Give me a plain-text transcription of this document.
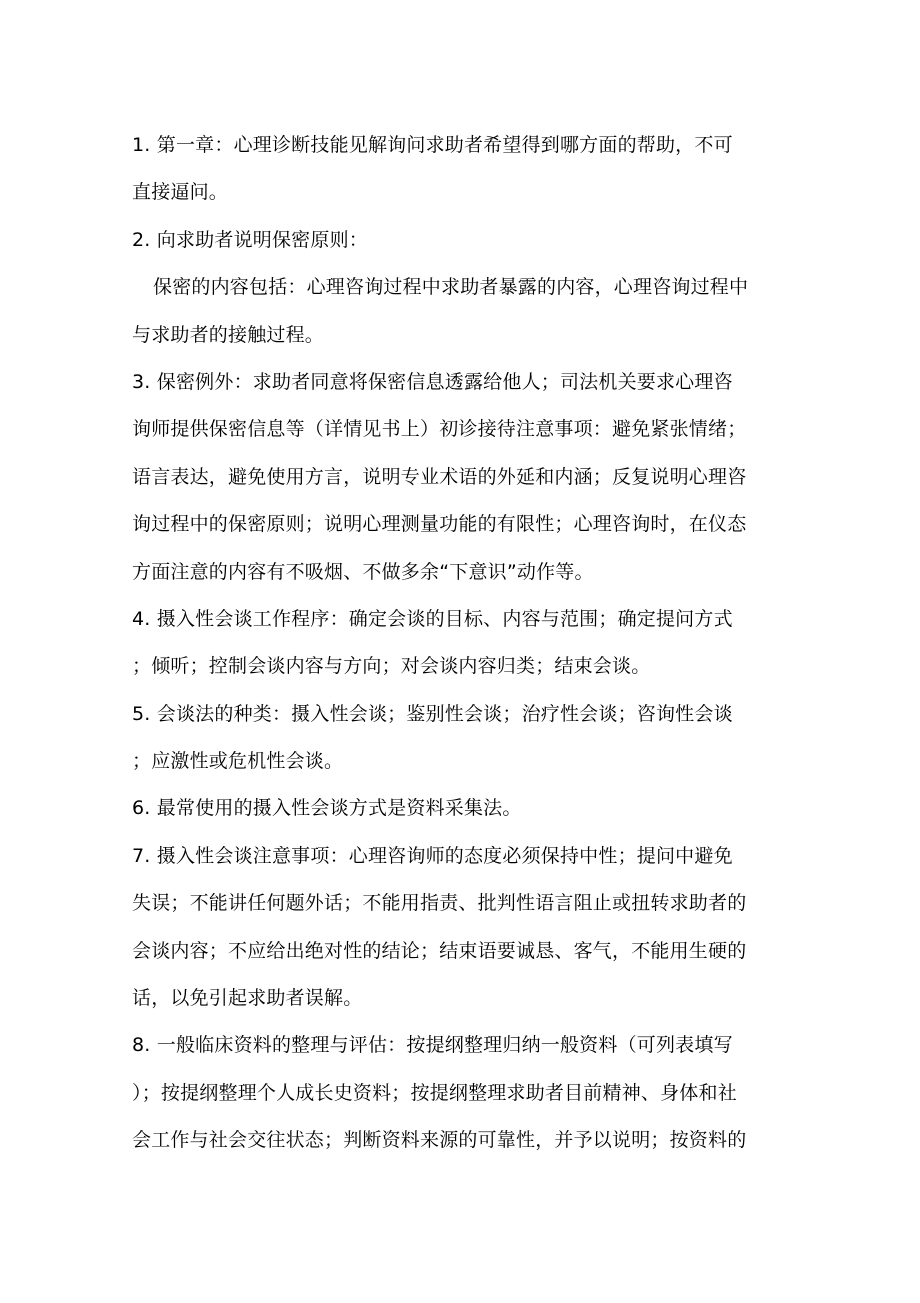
1. 第一章：心理诊断技能见解询问求助者希望得到哪方面的帮助，不可
直接逼问。
2. 向求助者说明保密原则：
保密的内容包括：心理咨询过程中求助者暴露的内容，心理咨询过程中
与求助者的接触过程。
3. 保密例外：求助者同意将保密信息透露给他人；司法机关要求心理咨
询师提供保密信息等（详情见书上）初诊接待注意事项：避免紧张情绪；
语言表达，避免使用方言，说明专业术语的外延和内涵；反复说明心理咨
询过程中的保密原则；说明心理测量功能的有限性；心理咨询时，在仪态
方面注意的内容有不吸烟、不做多余“下意识”动作等。
4. 摄入性会谈工作程序：确定会谈的目标、内容与范围；确定提问方式
；倾听；控制会谈内容与方向；对会谈内容归类；结束会谈。
5. 会谈法的种类：摄入性会谈；鉴别性会谈；治疗性会谈；咨询性会谈
；应激性或危机性会谈。
6. 最常使用的摄入性会谈方式是资料采集法。
7. 摄入性会谈注意事项：心理咨询师的态度必须保持中性；提问中避免
失误；不能讲任何题外话；不能用指责、批判性语言阻止或扭转求助者的
会谈内容；不应给出绝对性的结论；结束语要诚恳、客气，不能用生硬的
话，以免引起求助者误解。
8. 一般临床资料的整理与评估：按提纲整理归纳一般资料（可列表填写
）；按提纲整理个人成长史资料；按提纲整理求助者目前精神、身体和社
会工作与社会交往状态；判断资料来源的可靠性，并予以说明；按资料的
